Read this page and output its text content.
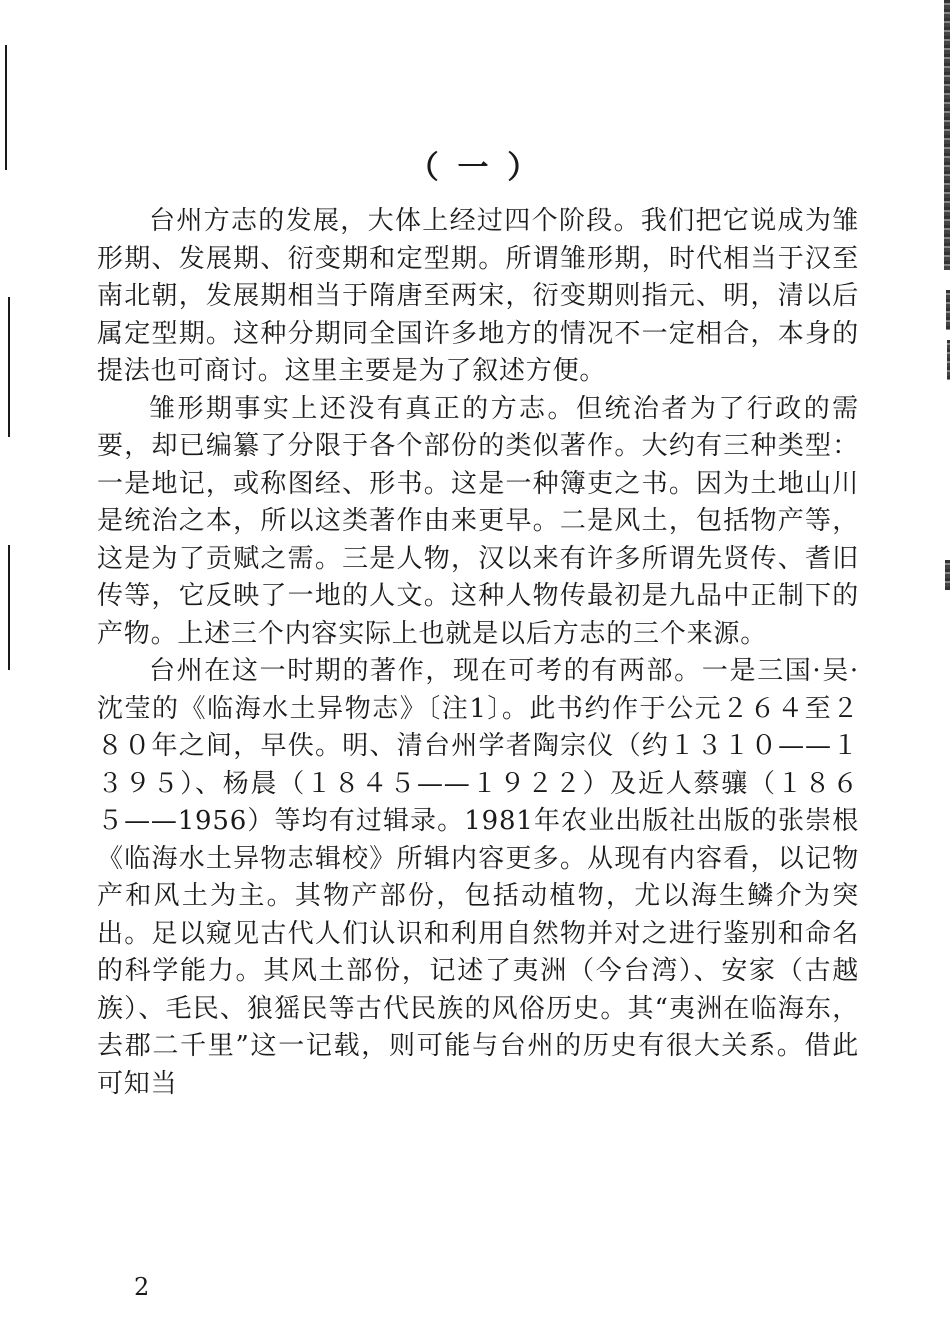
（ 一 ）

台州方志的发展，大体上经过四个阶段。我们把它说成为雏形期、发展期、衍变期和定型期。所谓雏形期，时代相当于汉至南北朝，发展期相当于隋唐至两宋，衍变期则指元、明，清以后属定型期。这种分期同全国许多地方的情况不一定相合，本身的提法也可商讨。这里主要是为了叙述方便。

雏形期事实上还没有真正的方志。但统治者为了行政的需要，却已编纂了分限于各个部份的类似著作。大约有三种类型：一是地记，或称图经、形书。这是一种簿吏之书。因为土地山川是统治之本，所以这类著作由来更早。二是风土，包括物产等，这是为了贡赋之需。三是人物，汉以来有许多所谓先贤传、耆旧传等，它反映了一地的人文。这种人物传最初是九品中正制下的产物。上述三个内容实际上也就是以后方志的三个来源。

台州在这一时期的著作，现在可考的有两部。一是三国·吴·沈莹的《临海水土异物志》〔注1〕。此书约作于公元２６４至２８０年之间，早佚。明、清台州学者陶宗仪（约１３１０——１３９５）、杨晨（１８４５——１９２２）及近人蔡骧（１８６５——1956）等均有过辑录。1981年农业出版社出版的张崇根《临海水土异物志辑校》所辑内容更多。从现有内容看，以记物产和风土为主。其物产部份，包括动植物，尤以海生鳞介为突出。足以窥见古代人们认识和利用自然物并对之进行鉴别和命名的科学能力。其风土部份，记述了夷洲（今台湾）、安家（古越族）、毛民、狼猺民等古代民族的风俗历史。其“夷洲在临海东，去郡二千里”这一记载，则可能与台州的历史有很大关系。借此可知当

2
